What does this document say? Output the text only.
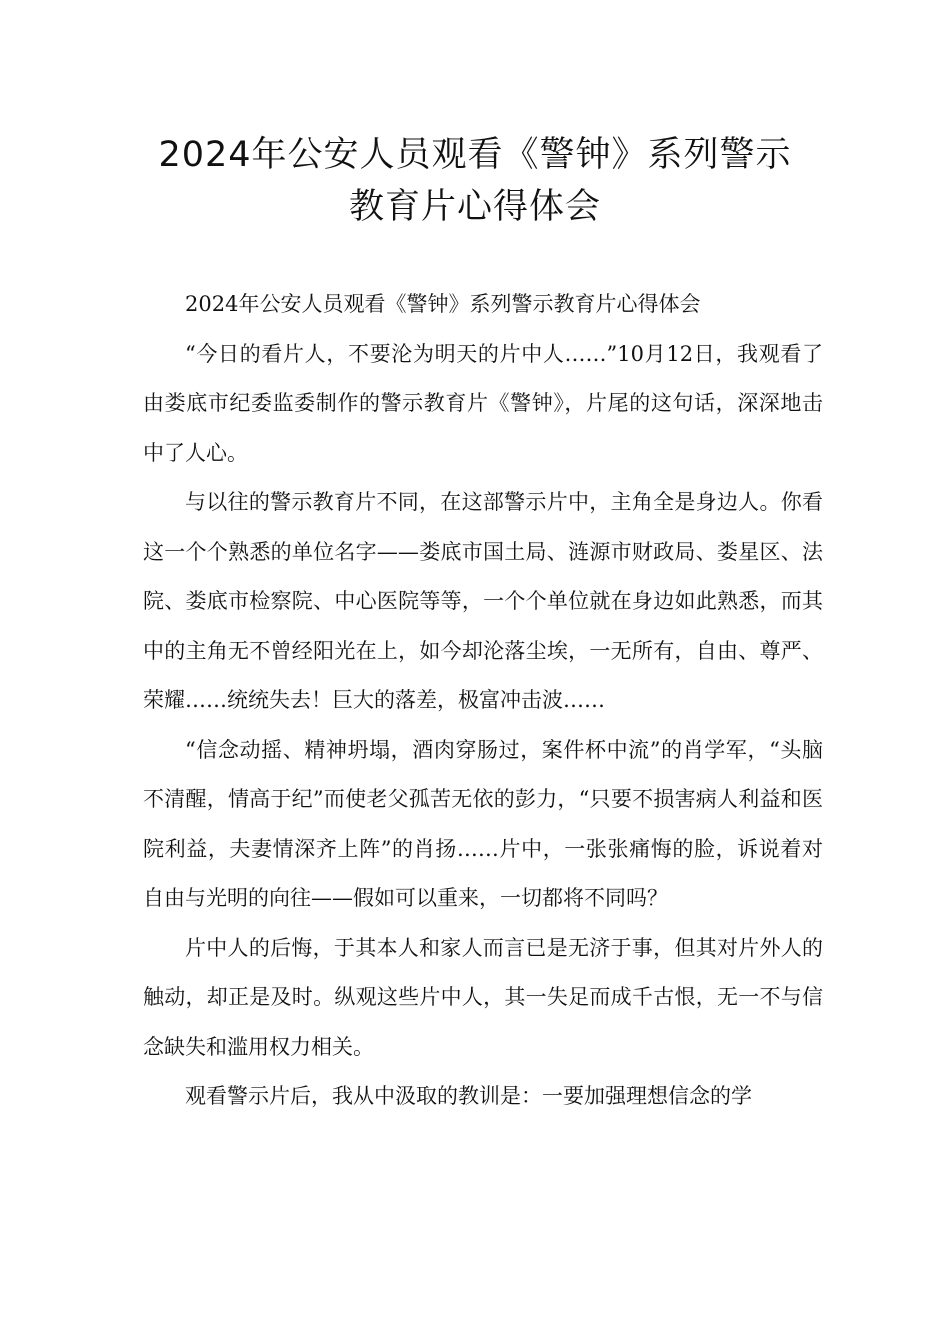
2024年公安人员观看《警钟》系列警示
教育片心得体会

2024年公安人员观看《警钟》系列警示教育片心得体会

“今日的看片人，不要沦为明天的片中人……”10月12日，我观看了由娄底市纪委监委制作的警示教育片《警钟》，片尾的这句话，深深地击中了人心。

与以往的警示教育片不同，在这部警示片中，主角全是身边人。你看这一个个熟悉的单位名字——娄底市国土局、涟源市财政局、娄星区、法院、娄底市检察院、中心医院等等，一个个单位就在身边如此熟悉，而其中的主角无不曾经阳光在上，如今却沦落尘埃，一无所有，自由、尊严、荣耀……统统失去！巨大的落差，极富冲击波……

“信念动摇、精神坍塌，酒肉穿肠过，案件杯中流”的肖学军，“头脑不清醒，情高于纪”而使老父孤苦无依的彭力，“只要不损害病人利益和医院利益，夫妻情深齐上阵”的肖扬……片中，一张张痛悔的脸，诉说着对自由与光明的向往——假如可以重来，一切都将不同吗？

片中人的后悔，于其本人和家人而言已是无济于事，但其对片外人的触动，却正是及时。纵观这些片中人，其一失足而成千古恨，无一不与信念缺失和滥用权力相关。

观看警示片后，我从中汲取的教训是：一要加强理想信念的学
